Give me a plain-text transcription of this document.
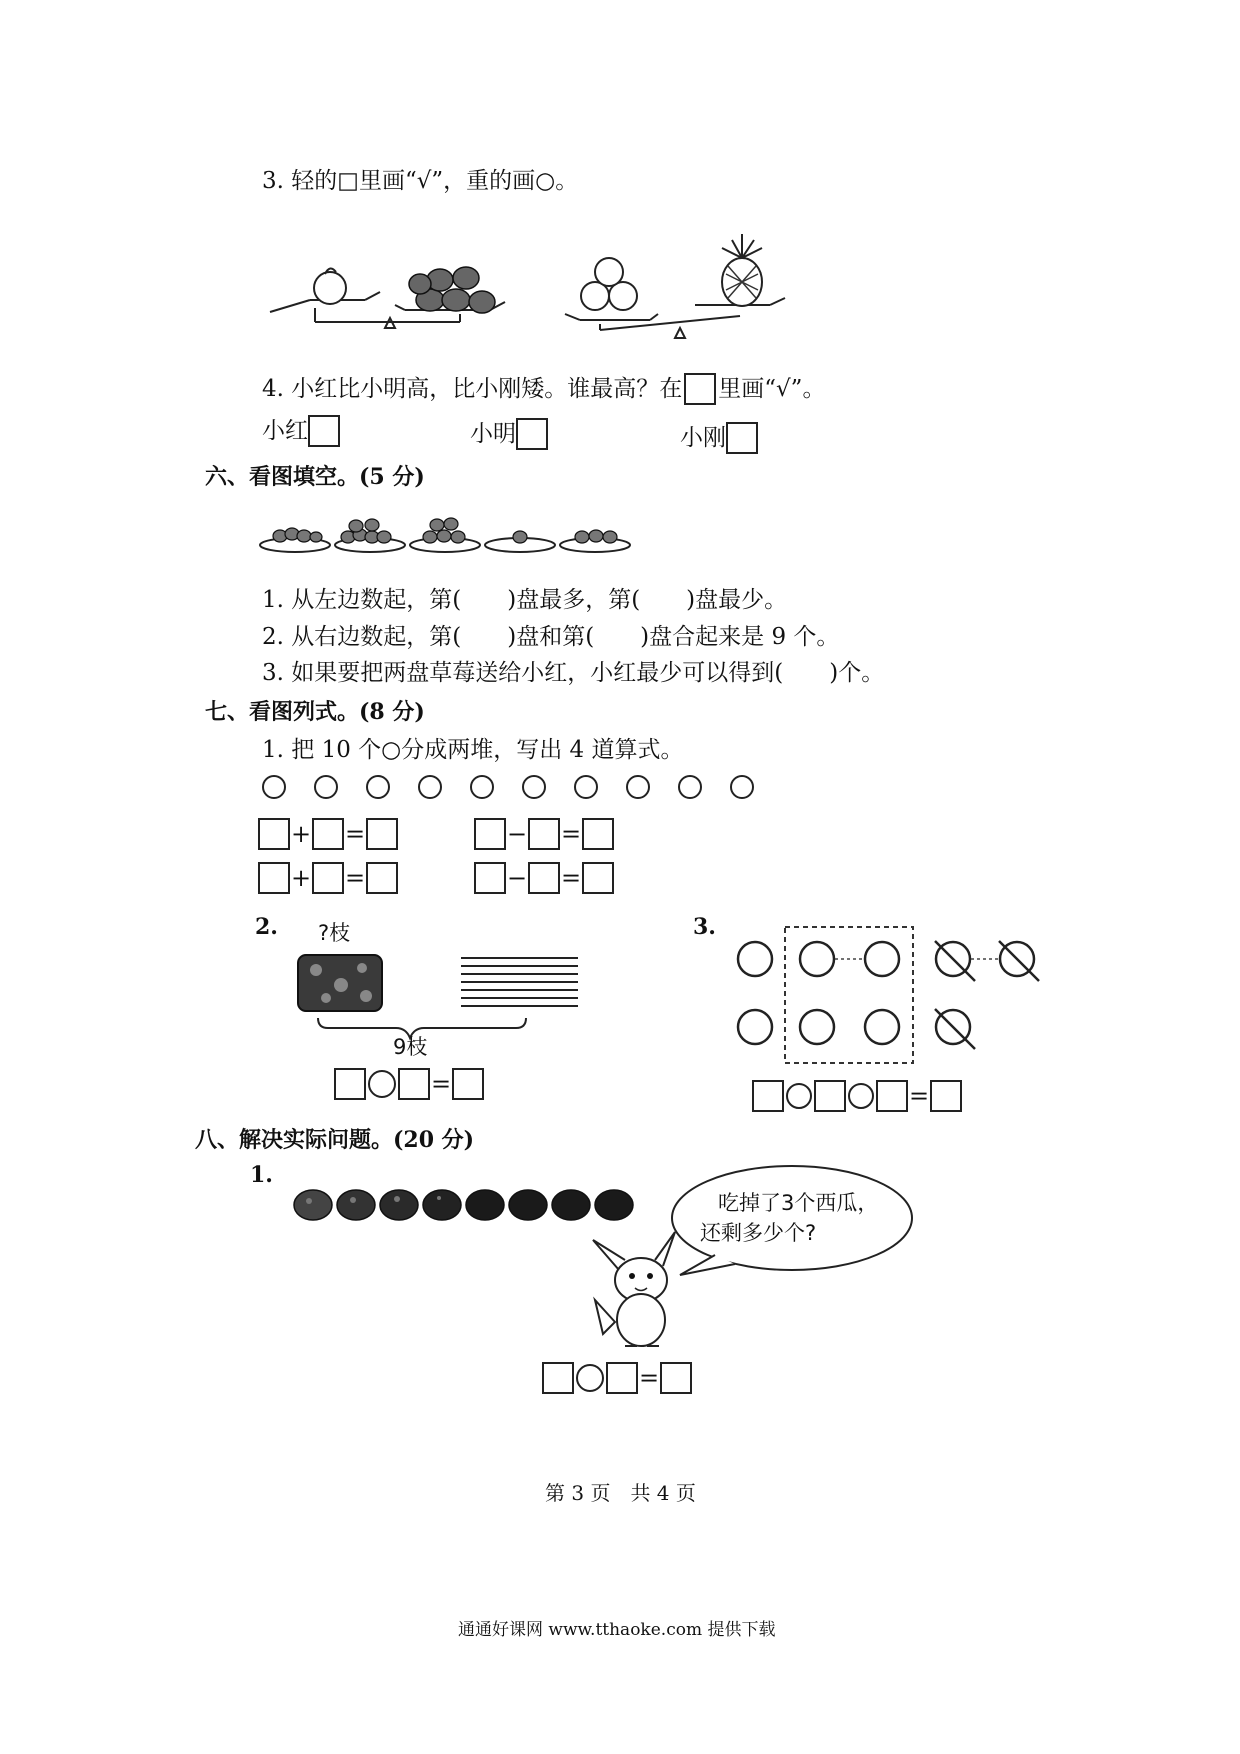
3. 轻的□里画“√”，重的画○。
4. 小红比小明高，比小刚矮。谁最高？在 里画“√”。
小红	小明	小刚
六、看图填空。(5 分)
1. 从左边数起，第(　　)盘最多，第(　　)盘最少。
2. 从右边数起，第(　　)盘和第(　　)盘合起来是 9 个。
3. 如果要把两盘草莓送给小红，小红最少可以得到(　　)个。
七、看图列式。(8 分)
1. 把 10 个○分成两堆，写出 4 道算式。
+ =	− =
+ =	− =
2. ?枝
9枝
=
3.
=
八、解决实际问题。(20 分)
1.
吃掉了3个西瓜，
还剩多少个?
=
第 3 页　共 4 页
通通好课网 www.tthaoke.com 提供下载
